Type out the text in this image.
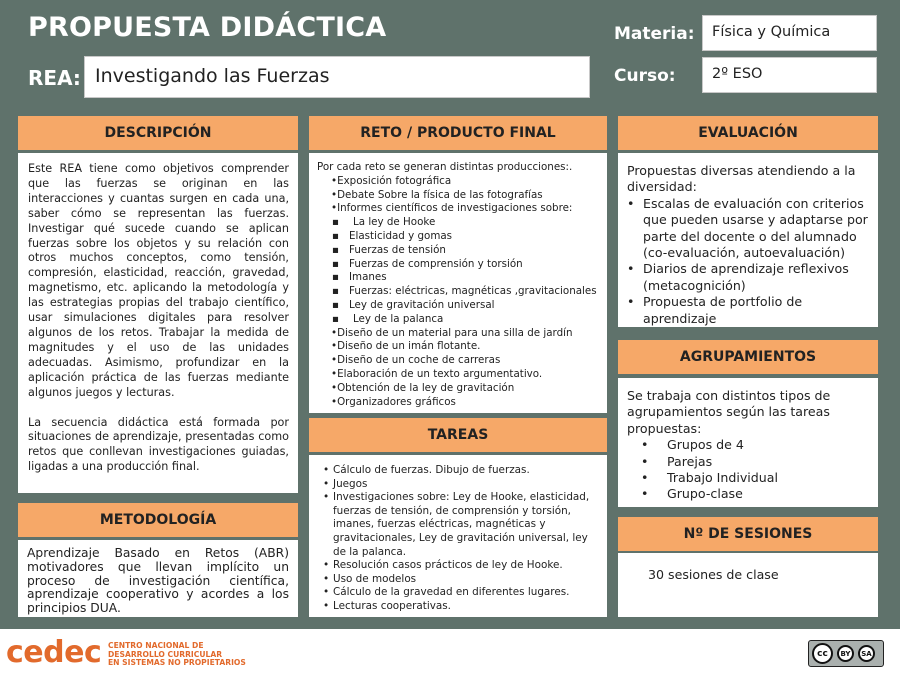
PROPUESTA DIDÁCTICA
REA: Investigando las Fuerzas
Materia:	Física y Química
Curso:	2º ESO
DESCRIPCIÓN

Este REA tiene como objetivos comprender que las fuerzas se originan en las interacciones y cuantas surgen en cada una, saber cómo se representan las fuerzas. Investigar qué sucede cuando se aplican fuerzas sobre los objetos y su relación con otros muchos conceptos, como tensión, compresión, elasticidad, reacción, gravedad, magnetismo, etc. aplicando la metodología y las estrategias propias del trabajo científico, usar simulaciones digitales para resolver algunos de los retos. Trabajar la medida de magnitudes y el uso de las unidades adecuadas. Asimismo, profundizar en la aplicación práctica de las fuerzas mediante algunos juegos y lecturas.

La secuencia didáctica está formada por situaciones de aprendizaje, presentadas como retos que conllevan investigaciones guiadas, ligadas a una producción final.

METODOLOGÍA
Aprendizaje Basado en Retos (ABR) motivadores que llevan implícito un proceso de investigación científica, aprendizaje cooperativo y acordes a los principios DUA.
RETO / PRODUCTO FINAL
Por cada reto se generan distintas producciones:.
•Exposición fotográfica
•Debate Sobre la física de las fotografías
•Informes científicos de investigaciones sobre:
▪	La ley de Hooke
▪ Elasticidad y gomas
▪ Fuerzas de tensión
▪ Fuerzas de comprensión y torsión
▪ Imanes
▪ Fuerzas: eléctricas, magnéticas ,gravitacionales
▪ Ley de gravitación universal
▪	Ley de la palanca
•Diseño de un material para una silla de jardín
•Diseño de un imán flotante.
•Diseño de un coche de carreras
•Elaboración de un texto argumentativo.
•Obtención de la ley de gravitación
•Organizadores gráficos
TAREAS
• Cálculo de fuerzas. Dibujo de fuerzas.
• Juegos
• Investigaciones sobre: Ley de Hooke, elasticidad, fuerzas de tensión, de comprensión y torsión, imanes, fuerzas eléctricas, magnéticas y gravitacionales, Ley de gravitación universal, ley de la palanca.
• Resolución casos prácticos de ley de Hooke.
• Uso de modelos
• Cálculo de la gravedad en diferentes lugares.
• Lecturas cooperativas.
EVALUACIÓN
Propuestas diversas atendiendo a la diversidad:
• Escalas de evaluación con criterios que pueden usarse y adaptarse por parte del docente o del alumnado (co-evaluación, autoevaluación)
• Diarios de aprendizaje reflexivos (metacognición)
• Propuesta de portfolio de aprendizaje
AGRUPAMIENTOS
Se trabaja con distintos tipos de agrupamientos según las tareas propuestas:
•	Grupos de 4
•	Parejas
•	Trabajo Individual
•	Grupo-clase
Nº DE SESIONES
30 sesiones de clase
cedec CENTRO NACIONAL DE
DESARROLLO CURRICULAR
EN SISTEMAS NO PROPIETARIOS
cc	BY SA
